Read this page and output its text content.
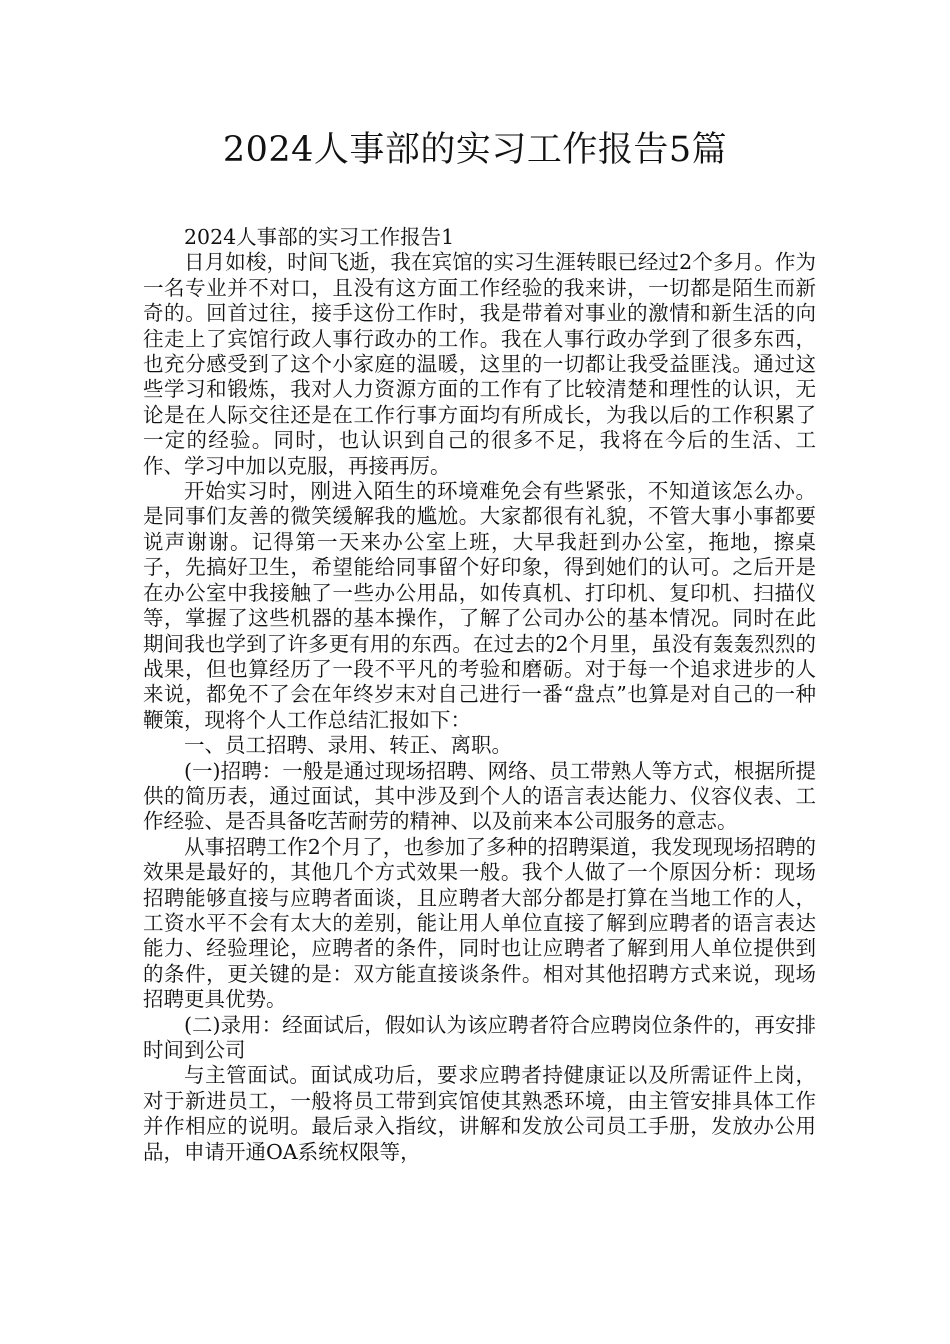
2024人事部的实习工作报告5篇

2024人事部的实习工作报告1

日月如梭，时间飞逝，我在宾馆的实习生涯转眼已经过2个多月。作为一名专业并不对口，且没有这方面工作经验的我来讲，一切都是陌生而新奇的。回首过往，接手这份工作时，我是带着对事业的激情和新生活的向往走上了宾馆行政人事行政办的工作。我在人事行政办学到了很多东西，也充分感受到了这个小家庭的温暖，这里的一切都让我受益匪浅。通过这些学习和锻炼，我对人力资源方面的工作有了比较清楚和理性的认识，无论是在人际交往还是在工作行事方面均有所成长，为我以后的工作积累了一定的经验。同时，也认识到自己的很多不足，我将在今后的生活、工作、学习中加以克服，再接再厉。

开始实习时，刚进入陌生的环境难免会有些紧张，不知道该怎么办。是同事们友善的微笑缓解我的尴尬。大家都很有礼貌，不管大事小事都要说声谢谢。记得第一天来办公室上班，大早我赶到办公室，拖地，擦桌子，先搞好卫生，希望能给同事留个好印象，得到她们的认可。之后开是在办公室中我接触了一些办公用品，如传真机、打印机、复印机、扫描仪等，掌握了这些机器的基本操作，了解了公司办公的基本情况。同时在此期间我也学到了许多更有用的东西。在过去的2个月里，虽没有轰轰烈烈的战果，但也算经历了一段不平凡的考验和磨砺。对于每一个追求进步的人来说，都免不了会在年终岁末对自己进行一番“盘点”也算是对自己的一种鞭策，现将个人工作总结汇报如下：

一、员工招聘、录用、转正、离职。

(一)招聘：一般是通过现场招聘、网络、员工带熟人等方式，根据所提供的简历表，通过面试，其中涉及到个人的语言表达能力、仪容仪表、工作经验、是否具备吃苦耐劳的精神、以及前来本公司服务的意志。

从事招聘工作2个月了，也参加了多种的招聘渠道，我发现现场招聘的效果是最好的，其他几个方式效果一般。我个人做了一个原因分析：现场招聘能够直接与应聘者面谈，且应聘者大部分都是打算在当地工作的人，工资水平不会有太大的差别，能让用人单位直接了解到应聘者的语言表达能力、经验理论，应聘者的条件，同时也让应聘者了解到用人单位提供到的条件，更关键的是：双方能直接谈条件。相对其他招聘方式来说，现场招聘更具优势。

(二)录用：经面试后，假如认为该应聘者符合应聘岗位条件的，再安排时间到公司

与主管面试。面试成功后，要求应聘者持健康证以及所需证件上岗，对于新进员工，一般将员工带到宾馆使其熟悉环境，由主管安排具体工作并作相应的说明。最后录入指纹，讲解和发放公司员工手册，发放办公用品，申请开通OA系统权限等，
